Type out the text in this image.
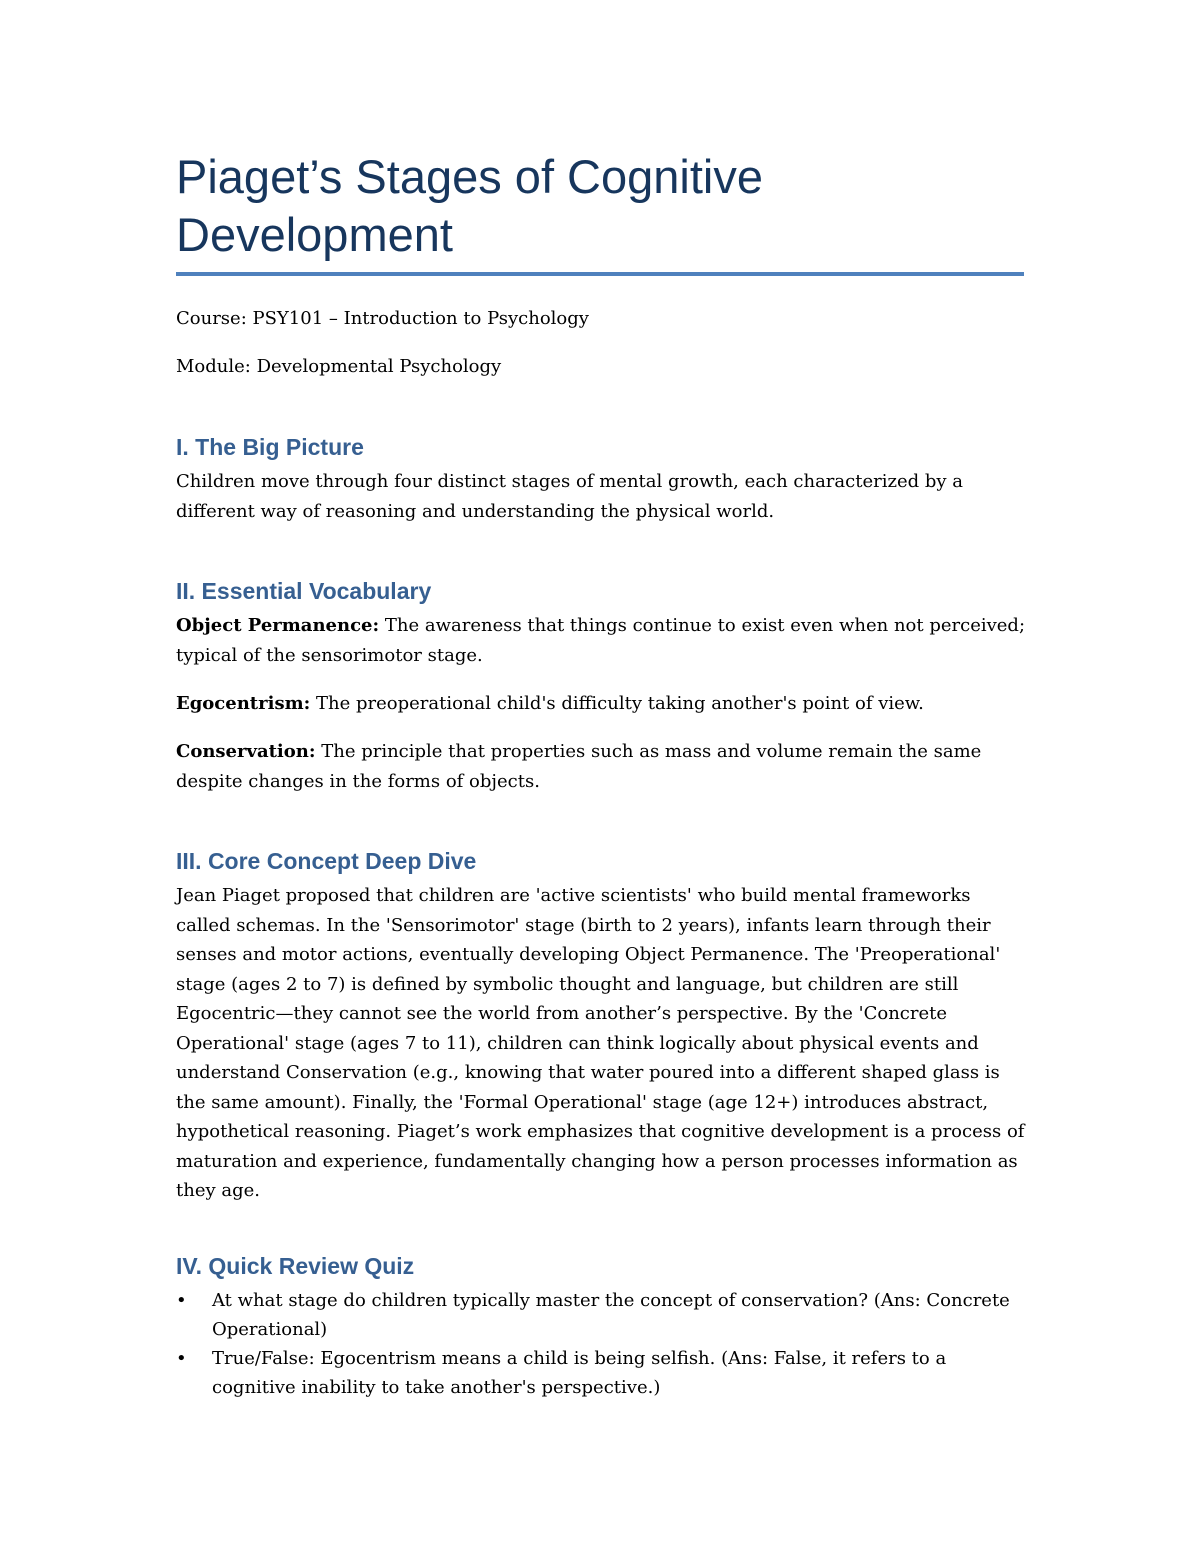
Piaget’s Stages of Cognitive Development

Course: PSY101 – Introduction to Psychology

Module: Developmental Psychology

I. The Big Picture

Children move through four distinct stages of mental growth, each characterized by a different way of reasoning and understanding the physical world.

II. Essential Vocabulary

Object Permanence: The awareness that things continue to exist even when not perceived; typical of the sensorimotor stage.

Egocentrism: The preoperational child's difficulty taking another's point of view.

Conservation: The principle that properties such as mass and volume remain the same despite changes in the forms of objects.

III. Core Concept Deep Dive

Jean Piaget proposed that children are 'active scientists' who build mental frameworks called schemas. In the 'Sensorimotor' stage (birth to 2 years), infants learn through their senses and motor actions, eventually developing Object Permanence. The 'Preoperational' stage (ages 2 to 7) is defined by symbolic thought and language, but children are still Egocentric—they cannot see the world from another’s perspective. By the 'Concrete Operational' stage (ages 7 to 11), children can think logically about physical events and understand Conservation (e.g., knowing that water poured into a different shaped glass is the same amount). Finally, the 'Formal Operational' stage (age 12+) introduces abstract, hypothetical reasoning. Piaget’s work emphasizes that cognitive development is a process of maturation and experience, fundamentally changing how a person processes information as they age.

IV. Quick Review Quiz
• At what stage do children typically master the concept of conservation? (Ans: Concrete Operational)
• True/False: Egocentrism means a child is being selfish. (Ans: False, it refers to a cognitive inability to take another's perspective.)
